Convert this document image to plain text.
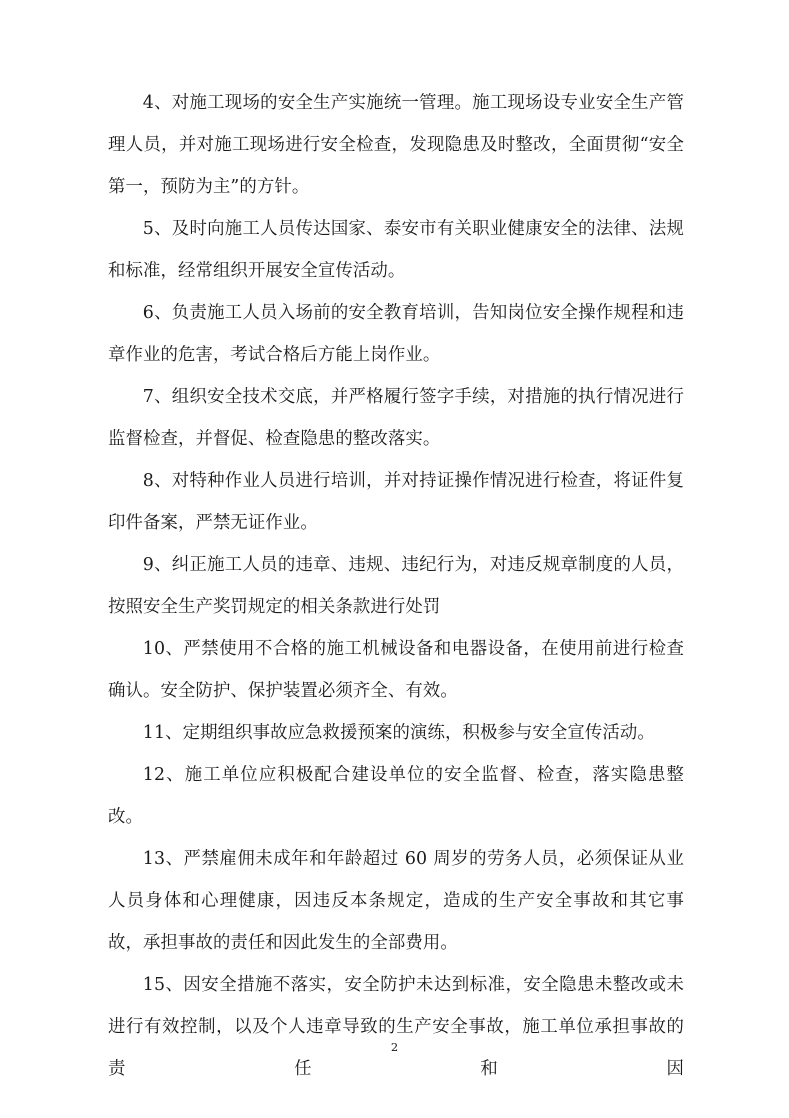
4、对施工现场的安全生产实施统一管理。施工现场设专业安全生产管理人员，并对施工现场进行安全检查，发现隐患及时整改，全面贯彻“安全第一，预防为主”的方针。

5、及时向施工人员传达国家、泰安市有关职业健康安全的法律、法规和标准，经常组织开展安全宣传活动。

6、负责施工人员入场前的安全教育培训，告知岗位安全操作规程和违章作业的危害，考试合格后方能上岗作业。

7、组织安全技术交底，并严格履行签字手续，对措施的执行情况进行监督检查，并督促、检查隐患的整改落实。

8、对特种作业人员进行培训，并对持证操作情况进行检查，将证件复印件备案，严禁无证作业。

9、纠正施工人员的违章、违规、违纪行为，对违反规章制度的人员，按照安全生产奖罚规定的相关条款进行处罚

10、严禁使用不合格的施工机械设备和电器设备，在使用前进行检查确认。安全防护、保护装置必须齐全、有效。

11、定期组织事故应急救援预案的演练，积极参与安全宣传活动。

12、施工单位应积极配合建设单位的安全监督、检查，落实隐患整改。

13、严禁雇佣未成年和年龄超过 60 周岁的劳务人员，必须保证从业人员身体和心理健康，因违反本条规定，造成的生产安全事故和其它事故，承担事故的责任和因此发生的全部费用。

15、因安全措施不落实，安全防护未达到标准，安全隐患未整改或未进行有效控制，以及个人违章导致的生产安全事故，施工单位承担事故的责任和因

2
